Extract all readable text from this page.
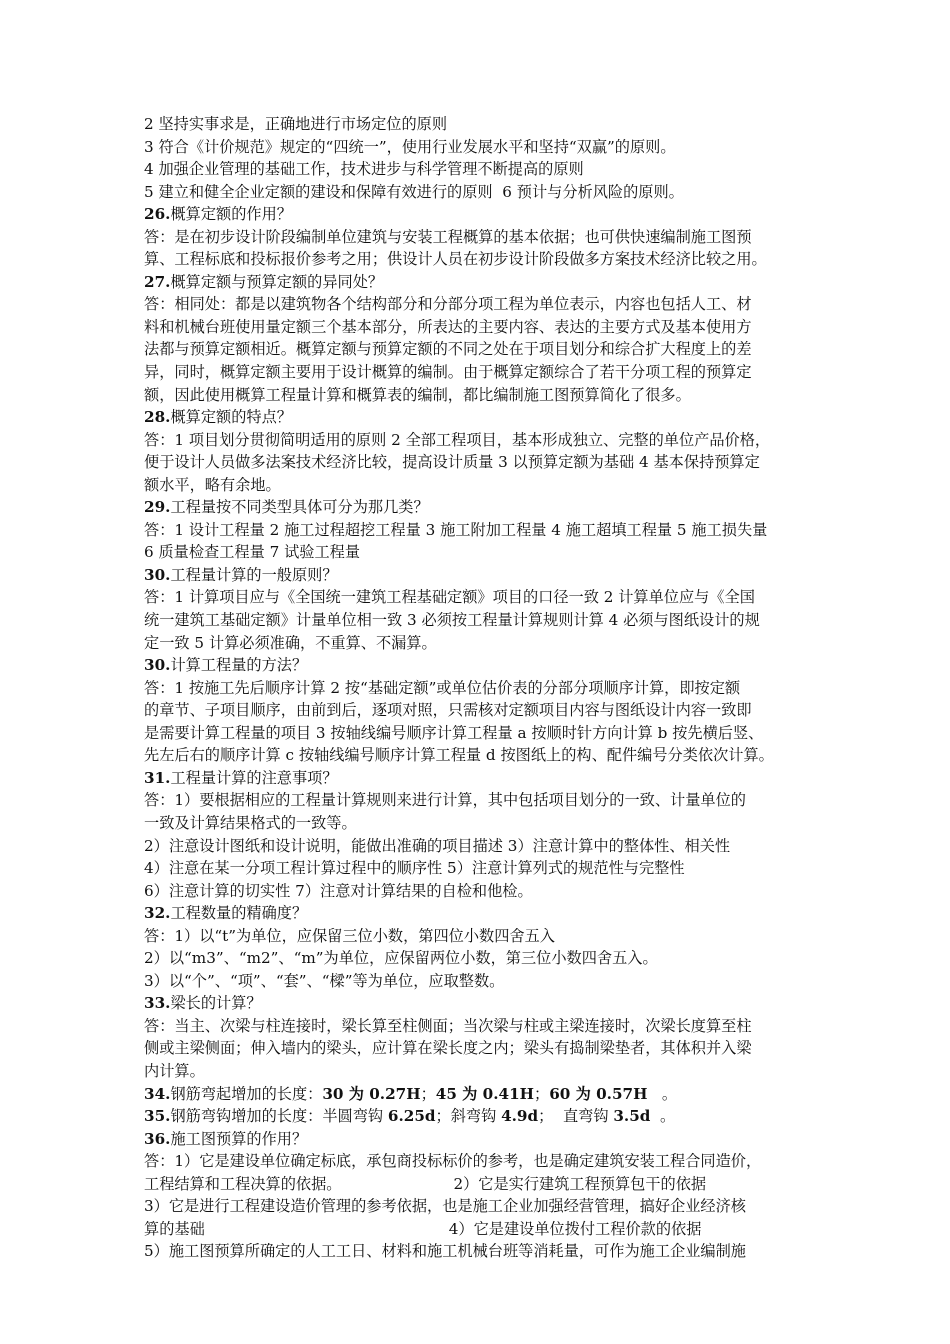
2 坚持实事求是，正确地进行市场定位的原则
3 符合《计价规范》规定的“四统一”，使用行业发展水平和坚持“双赢”的原则。
4 加强企业管理的基础工作，技术进步与科学管理不断提高的原则
5 建立和健全企业定额的建设和保障有效进行的原则  6 预计与分析风险的原则。
26.概算定额的作用？
答：是在初步设计阶段编制单位建筑与安装工程概算的基本依据；也可供快速编制施工图预
算、工程标底和投标报价参考之用；供设计人员在初步设计阶段做多方案技术经济比较之用。
27.概算定额与预算定额的异同处？
答：相同处：都是以建筑物各个结构部分和分部分项工程为单位表示，内容也包括人工、材
料和机械台班使用量定额三个基本部分，所表达的主要内容、表达的主要方式及基本使用方
法都与预算定额相近。概算定额与预算定额的不同之处在于项目划分和综合扩大程度上的差
异，同时，概算定额主要用于设计概算的编制。由于概算定额综合了若干分项工程的预算定
额，因此使用概算工程量计算和概算表的编制，都比编制施工图预算简化了很多。
28.概算定额的特点？
答：1 项目划分贯彻简明适用的原则 2 全部工程项目，基本形成独立、完整的单位产品价格，
便于设计人员做多法案技术经济比较，提高设计质量 3 以预算定额为基础 4 基本保持预算定
额水平，略有余地。
29.工程量按不同类型具体可分为那几类？
答：1 设计工程量 2 施工过程超挖工程量 3 施工附加工程量 4 施工超填工程量 5 施工损失量
6 质量检查工程量 7 试验工程量
30.工程量计算的一般原则？
答：1 计算项目应与《全国统一建筑工程基础定额》项目的口径一致 2 计算单位应与《全国
统一建筑工基础定额》计量单位相一致 3 必须按工程量计算规则计算 4 必须与图纸设计的规
定一致 5 计算必须准确，不重算、不漏算。
30.计算工程量的方法？
答：1 按施工先后顺序计算 2 按“基础定额”或单位估价表的分部分项顺序计算，即按定额
的章节、子项目顺序，由前到后，逐项对照，只需核对定额项目内容与图纸设计内容一致即
是需要计算工程量的项目 3 按轴线编号顺序计算工程量 a 按顺时针方向计算 b 按先横后竖、
先左后右的顺序计算 c 按轴线编号顺序计算工程量 d 按图纸上的构、配件编号分类依次计算。
31.工程量计算的注意事项？
答：1）要根据相应的工程量计算规则来进行计算，其中包括项目划分的一致、计量单位的
一致及计算结果格式的一致等。
2）注意设计图纸和设计说明，能做出准确的项目描述 3）注意计算中的整体性、相关性
4）注意在某一分项工程计算过程中的顺序性 5）注意计算列式的规范性与完整性
6）注意计算的切实性 7）注意对计算结果的自检和他检。
32.工程数量的精确度？
答：1）以“t”为单位，应保留三位小数，第四位小数四舍五入
2）以“m3”、“m2”、“m”为单位，应保留两位小数，第三位小数四舍五入。
3）以“个”、“项”、“套”、“樑”等为单位，应取整数。
33.梁长的计算？
答：当主、次梁与柱连接时，梁长算至柱侧面；当次梁与柱或主梁连接时，次梁长度算至柱
侧或主梁侧面；伸入墙内的梁头，应计算在梁长度之内；梁头有捣制梁垫者，其体积并入梁
内计算。
34.钢筋弯起增加的长度：30 为 0.27H；45 为 0.41H；60 为 0.57H   。
35.钢筋弯钩增加的长度：半圆弯钩 6.25d；斜弯钩 4.9d；  直弯钩 3.5d  。
36.施工图预算的作用？
答：1）它是建设单位确定标底，承包商投标标价的参考，也是确定建筑安装工程合同造价，
工程结算和工程决算的依据。	2）它是实行建筑工程预算包干的依据
3）它是进行工程建设造价管理的参考依据，也是施工企业加强经营管理，搞好企业经济核
算的基础	4）它是建设单位拨付工程价款的依据
5）施工图预算所确定的人工工日、材料和施工机械台班等消耗量，可作为施工企业编制施
